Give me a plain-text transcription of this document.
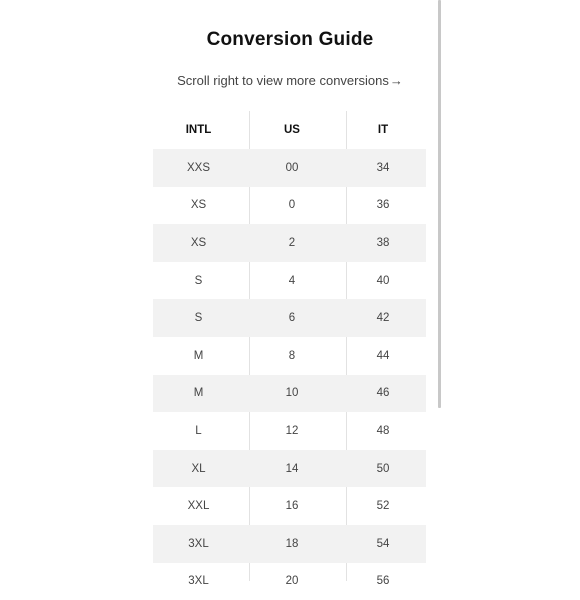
Conversion Guide
Scroll right to view more conversions→
INTL	US	IT
XXS	00	34
XS	0	36
XS	2	38
S	4	40
S	6	42
M	8	44
M	10	46
L	12	48
XL	14	50
XXL	16	52
3XL	18	54
3XL	20	56
